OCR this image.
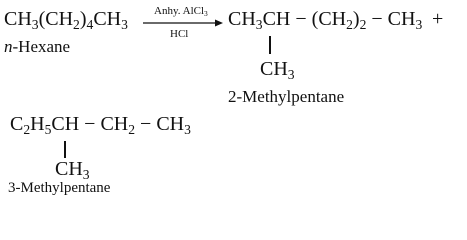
$CH_3(CH_2)_4CH_3$
n-Hexane
Anhy. AlCl$_3$
HCl
$CH_3CH - (CH_2)_2 - CH_3$ +
$CH_3$
2-Methylpentane
$C_2H_5CH - CH_2 - CH_3$
$CH_3$
3-Methylpentane
